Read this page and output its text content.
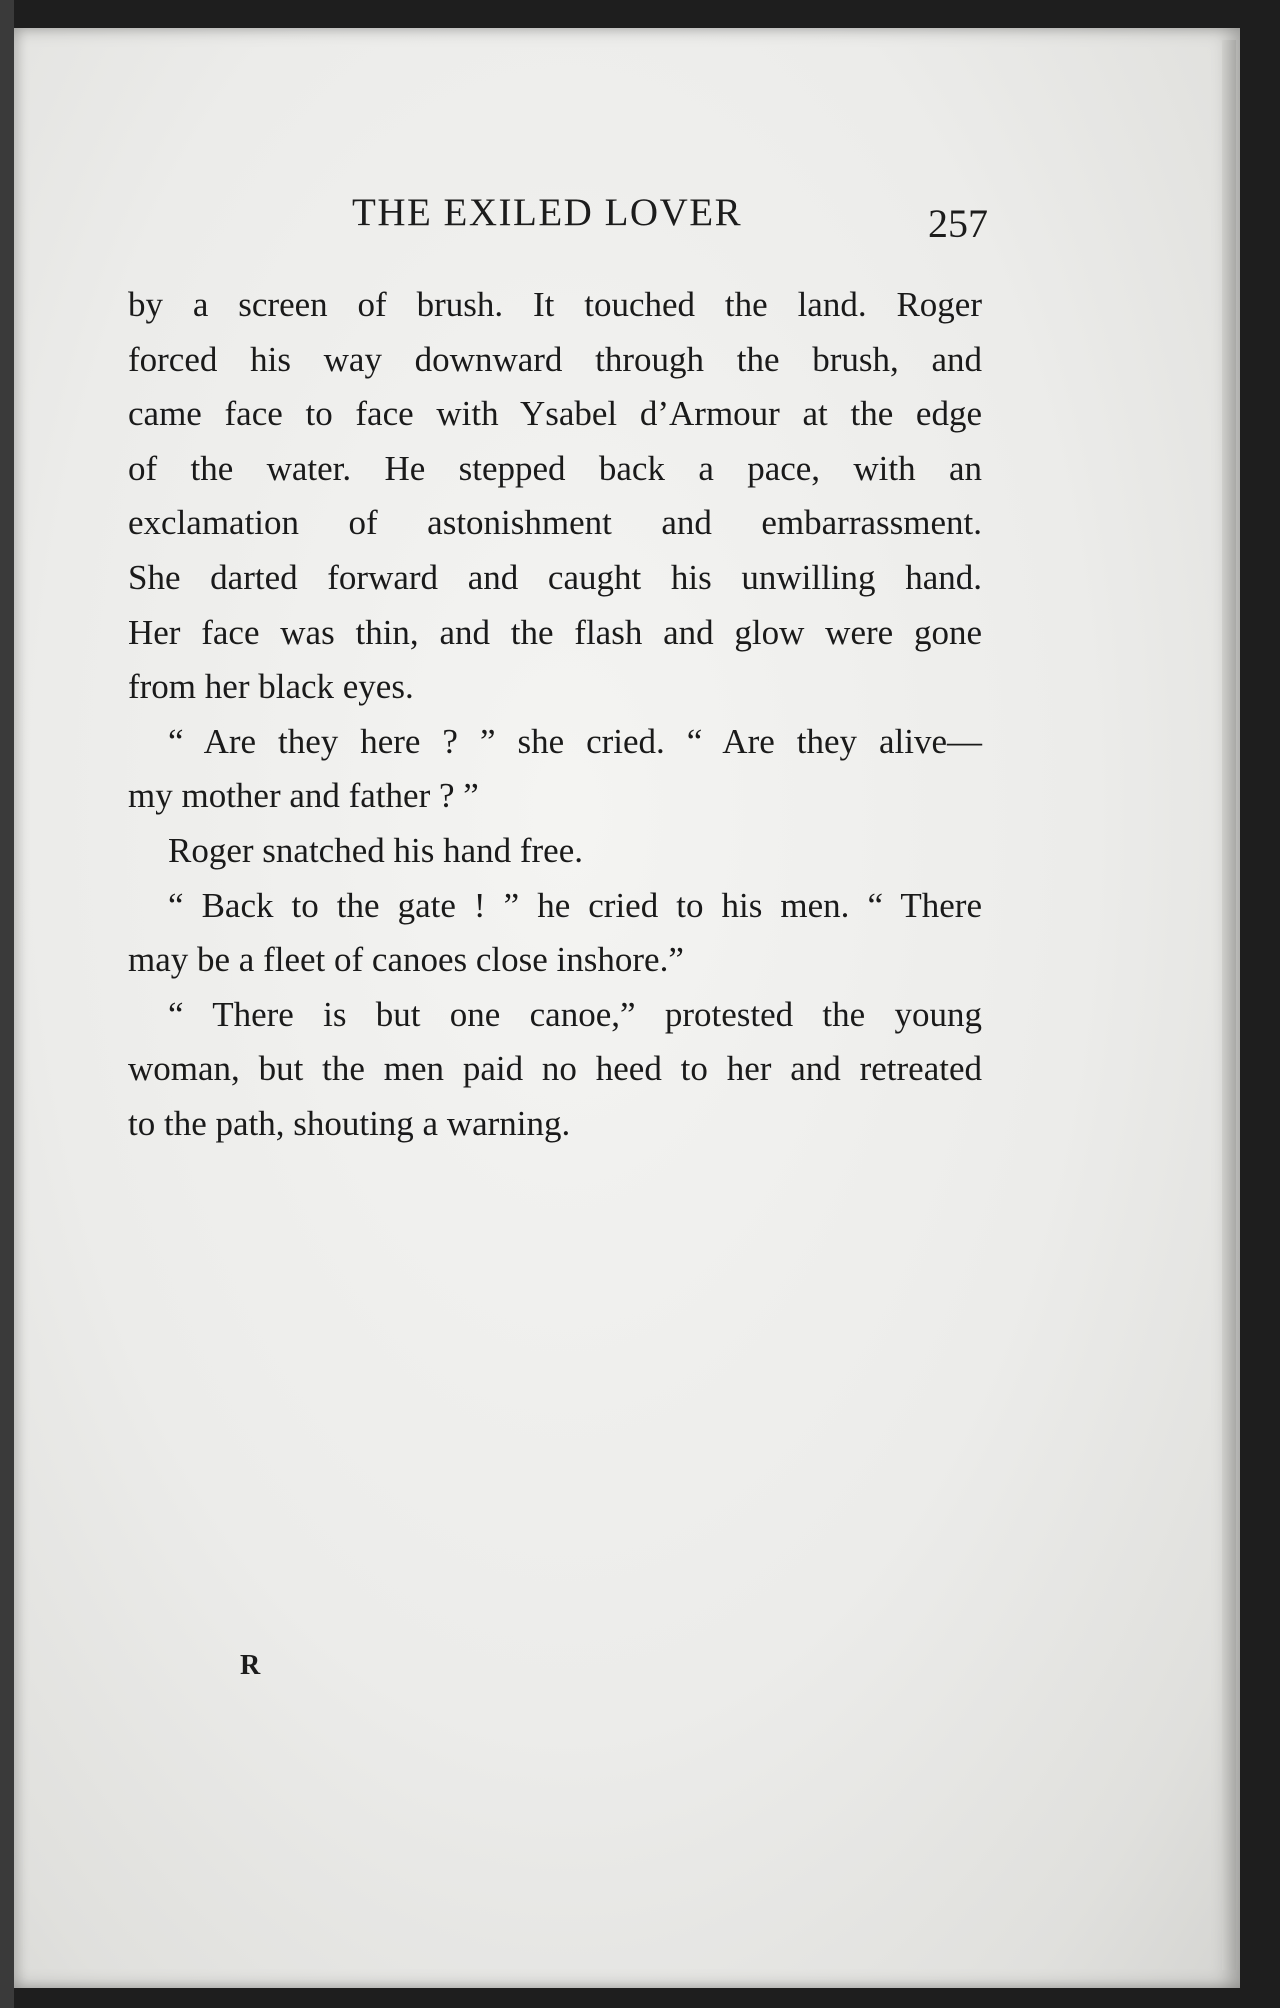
THE EXILED LOVER	257
by a screen of brush. It touched the land. Roger
forced his way downward through the brush, and
came face to face with Ysabel d’Armour at the edge
of the water. He stepped back a pace, with an
exclamation of astonishment and embarrassment.
She darted forward and caught his unwilling hand.
Her face was thin, and the flash and glow were gone
from her black eyes.
“ Are they here ? ” she cried. “ Are they alive—
my mother and father ? ”
Roger snatched his hand free.
“ Back to the gate ! ” he cried to his men. “ There
may be a fleet of canoes close inshore.”
“ There is but one canoe,” protested the young
woman, but the men paid no heed to her and retreated
to the path, shouting a warning.
R
